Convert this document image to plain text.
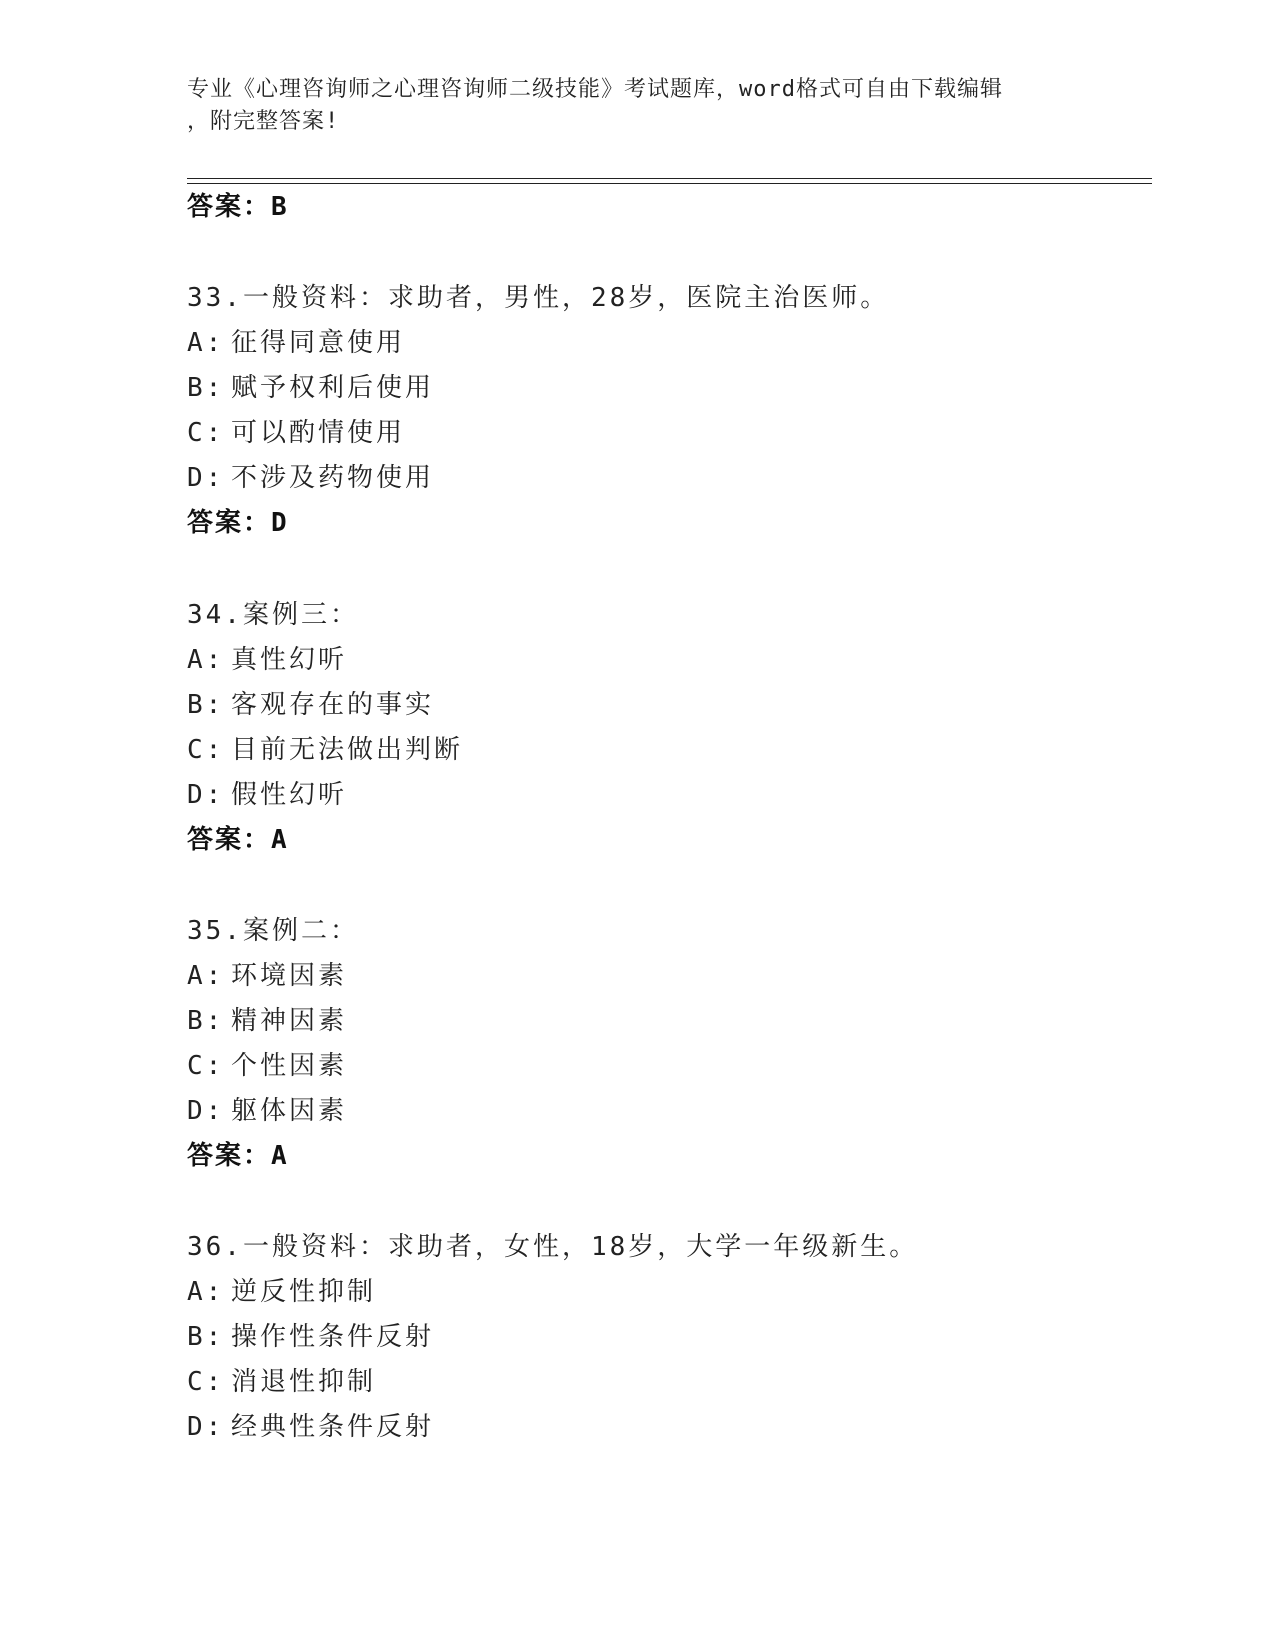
专业《心理咨询师之心理咨询师二级技能》考试题库，word格式可自由下载编辑
，附完整答案!
答案：B
33.一般资料：求助者，男性，28岁，医院主治医师。
A: 征得同意使用
B: 赋予权利后使用
C: 可以酌情使用
D: 不涉及药物使用
答案：D
34.案例三：
A: 真性幻听
B: 客观存在的事实
C: 目前无法做出判断
D: 假性幻听
答案：A
35.案例二：
A: 环境因素
B: 精神因素
C: 个性因素
D: 躯体因素
答案：A
36.一般资料：求助者，女性，18岁，大学一年级新生。
A: 逆反性抑制
B: 操作性条件反射
C: 消退性抑制
D: 经典性条件反射
